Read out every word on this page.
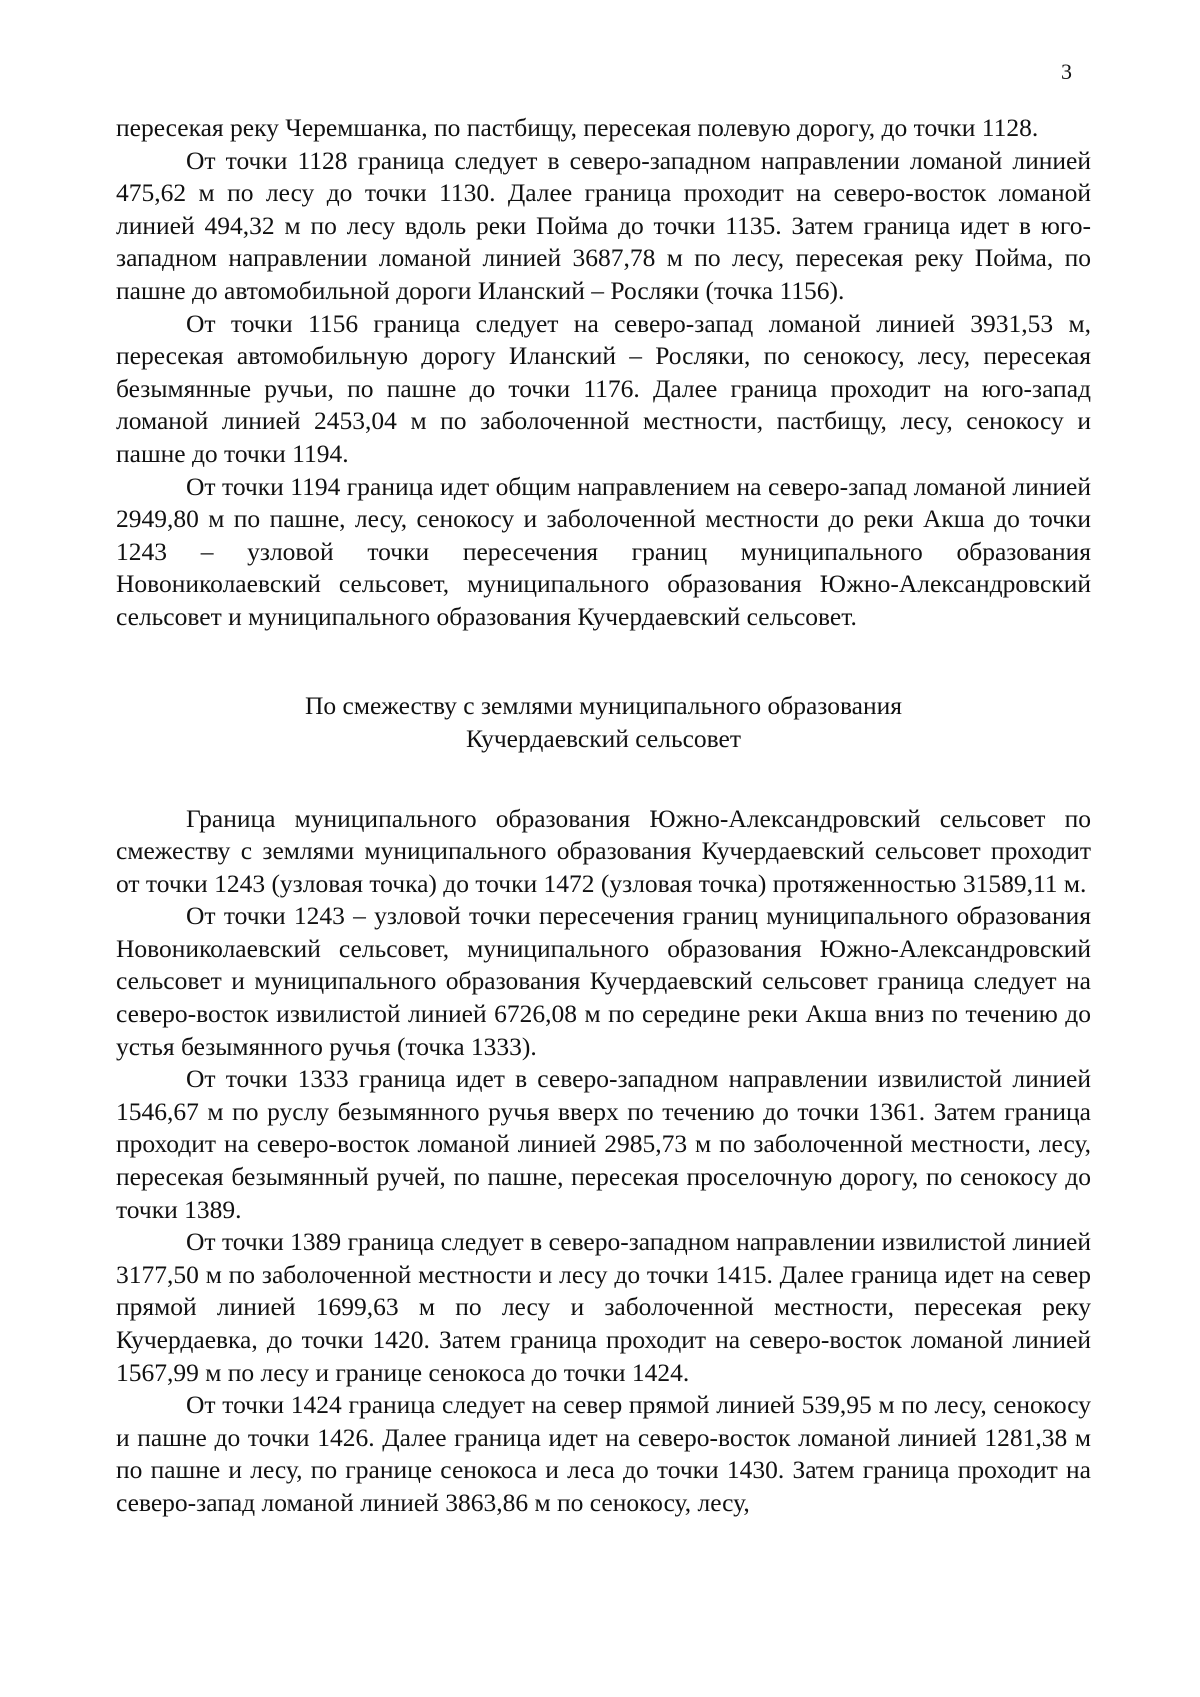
3

пересекая реку Черемшанка, по пастбищу, пересекая полевую дорогу, до точки 1128.

От точки 1128 граница следует в северо-западном направлении ломаной линией 475,62 м по лесу до точки 1130. Далее граница проходит на северо-восток ломаной линией 494,32 м по лесу вдоль реки Пойма до точки 1135. Затем граница идет в юго-западном направлении ломаной линией 3687,78 м по лесу, пересекая реку Пойма, по пашне до автомобильной дороги Иланский – Росляки (точка 1156).

От точки 1156 граница следует на северо-запад ломаной линией 3931,53 м, пересекая автомобильную дорогу Иланский – Росляки, по сенокосу, лесу, пересекая безымянные ручьи, по пашне до точки 1176. Далее граница проходит на юго-запад ломаной линией 2453,04 м по заболоченной местности, пастбищу, лесу, сенокосу и пашне до точки 1194.

От точки 1194 граница идет общим направлением на северо-запад ломаной линией 2949,80 м по пашне, лесу, сенокосу и заболоченной местности до реки Акша до точки 1243 – узловой точки пересечения границ муниципального образования Новониколаевский сельсовет, муниципального образования Южно-Александровский сельсовет и муниципального образования Кучердаевский сельсовет.

По смежеству с землями муниципального образования
Кучердаевский сельсовет

Граница муниципального образования Южно-Александровский сельсовет по смежеству с землями муниципального образования Кучердаевский сельсовет проходит от точки 1243 (узловая точка) до точки 1472 (узловая точка) протяженностью 31589,11 м.

От точки 1243 – узловой точки пересечения границ муниципального образования Новониколаевский сельсовет, муниципального образования Южно-Александровский сельсовет и муниципального образования Кучердаевский сельсовет граница следует на северо-восток извилистой линией 6726,08 м по середине реки Акша вниз по течению до устья безымянного ручья (точка 1333).

От точки 1333 граница идет в северо-западном направлении извилистой линией 1546,67 м по руслу безымянного ручья вверх по течению до точки 1361. Затем граница проходит на северо-восток ломаной линией 2985,73 м по заболоченной местности, лесу, пересекая безымянный ручей, по пашне, пересекая проселочную дорогу, по сенокосу до точки 1389.

От точки 1389 граница следует в северо-западном направлении извилистой линией 3177,50 м по заболоченной местности и лесу до точки 1415. Далее граница идет на север прямой линией 1699,63 м по лесу и заболоченной местности, пересекая реку Кучердаевка, до точки 1420. Затем граница проходит на северо-восток ломаной линией 1567,99 м по лесу и границе сенокоса до точки 1424.

От точки 1424 граница следует на север прямой линией 539,95 м по лесу, сенокосу и пашне до точки 1426. Далее граница идет на северо-восток ломаной линией 1281,38 м по пашне и лесу, по границе сенокоса и леса до точки 1430. Затем граница проходит на северо-запад ломаной линией 3863,86 м по сенокосу, лесу,
